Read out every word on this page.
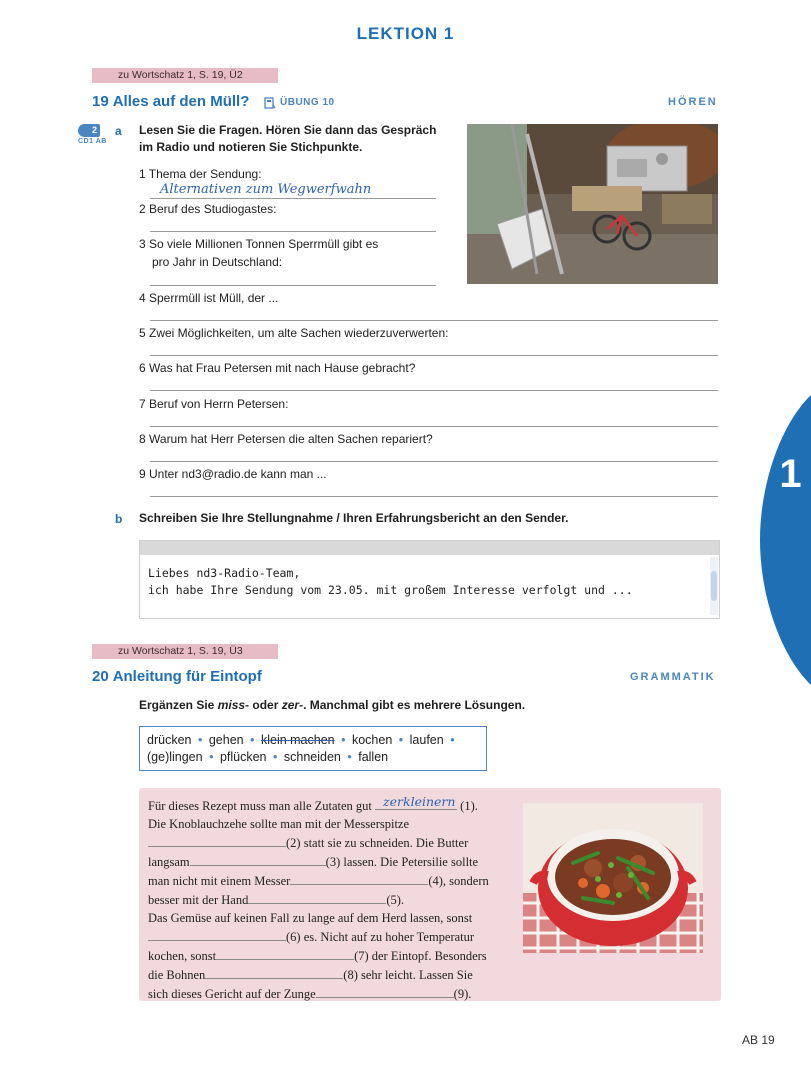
LEKTION 1
1
zu Wortschatz 1, S. 19, Ü2
19 Alles auf den Müll?	ÜBUNG 10	HÖREN
2
CD1 AB
a Lesen Sie die Fragen. Hören Sie dann das Gespräch
im Radio und notieren Sie Stichpunkte.
1 Thema der Sendung:
Alternativen zum Wegwerfwahn
2 Beruf des Studiogastes:
3 So viele Millionen Tonnen Sperrmüll gibt es
pro Jahr in Deutschland:
4 Sperrmüll ist Müll, der ...
5 Zwei Möglichkeiten, um alte Sachen wiederzuverwerten:
6 Was hat Frau Petersen mit nach Hause gebracht?
7 Beruf von Herrn Petersen:
8 Warum hat Herr Petersen die alten Sachen repariert?
9 Unter nd3@radio.de kann man ...
b Schreiben Sie Ihre Stellungnahme / Ihren Erfahrungsbericht an den Sender.
Liebes nd3-Radio-Team,
ich habe Ihre Sendung vom 23.05. mit großem Interesse verfolgt und ...
zu Wortschatz 1, S. 19, Ü3
20 Anleitung für Eintopf	GRAMMATIK
Ergänzen Sie miss- oder zer-. Manchmal gibt es mehrere Lösungen.
drücken • gehen • klein machen • kochen • laufen •
(ge)lingen • pflücken • schneiden • fallen
Für dieses Rezept muss man alle Zutaten gut zerkleinern (1).
Die Knoblauchzehe sollte man mit der Messerspitze
(2) statt sie zu schneiden. Die Butter
langsam	(3) lassen. Die Petersilie sollte
man nicht mit einem Messer	(4), sondern
besser mit der Hand	(5).
Das Gemüse auf keinen Fall zu lange auf dem Herd lassen, sonst
(6) es. Nicht auf zu hoher Temperatur
kochen, sonst	(7) der Eintopf. Besonders
die Bohnen	(8) sehr leicht. Lassen Sie
sich dieses Gericht auf der Zunge	(9).
AB 19
